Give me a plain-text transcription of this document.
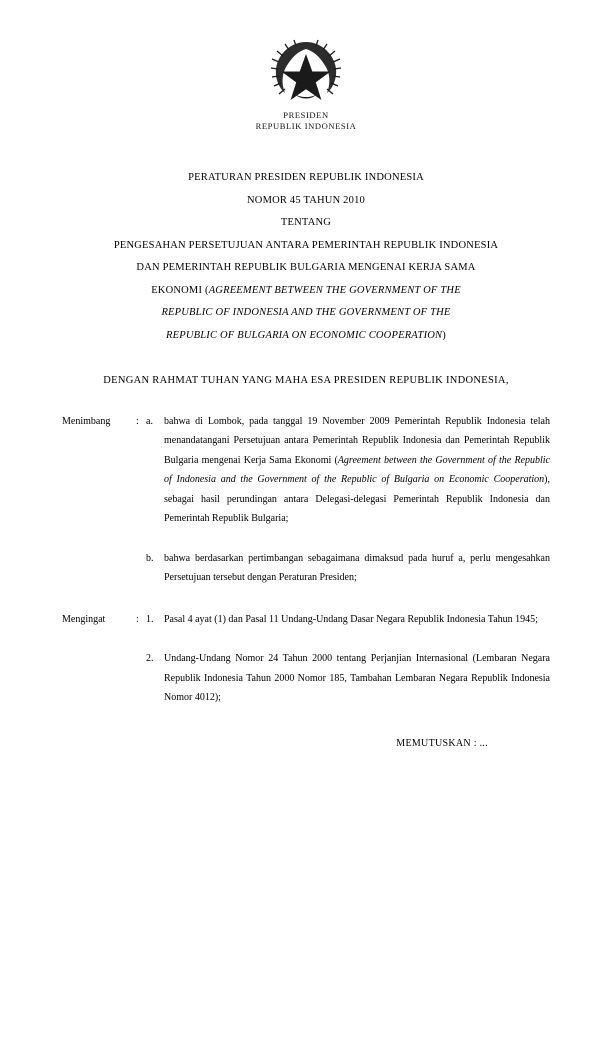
PRESIDEN
REPUBLIK INDONESIA
PERATURAN PRESIDEN REPUBLIK INDONESIA
NOMOR 45 TAHUN 2010
TENTANG
PENGESAHAN PERSETUJUAN ANTARA PEMERINTAH REPUBLIK INDONESIA
DAN PEMERINTAH REPUBLIK BULGARIA MENGENAI KERJA SAMA
EKONOMI (AGREEMENT BETWEEN THE GOVERNMENT OF THE
REPUBLIC OF INDONESIA AND THE GOVERNMENT OF THE
REPUBLIC OF BULGARIA ON ECONOMIC COOPERATION)
DENGAN RAHMAT TUHAN YANG MAHA ESA PRESIDEN REPUBLIK INDONESIA,
Menimbang	: a.	bahwa di Lombok, pada tanggal 19 November 2009 Pemerintah Republik Indonesia telah menandatangani Persetujuan antara Pemerintah Republik Indonesia dan Pemerintah Republik Bulgaria mengenai Kerja Sama Ekonomi (Agreement between the Government of the Republic of Indonesia and the Government of the Republic of Bulgaria on Economic Cooperation), sebagai hasil perundingan antara Delegasi-delegasi Pemerintah Republik Indonesia dan Pemerintah Republik Bulgaria;
b.	bahwa berdasarkan pertimbangan sebagaimana dimaksud pada huruf a, perlu mengesahkan Persetujuan tersebut dengan Peraturan Presiden;
Mengingat	: 1.	Pasal 4 ayat (1) dan Pasal 11 Undang-Undang Dasar Negara Republik Indonesia Tahun 1945;
2.	Undang-Undang Nomor 24 Tahun 2000 tentang Perjanjian Internasional (Lembaran Negara Republik Indonesia Tahun 2000 Nomor 185, Tambahan Lembaran Negara Republik Indonesia Nomor 4012);
MEMUTUSKAN : ...
